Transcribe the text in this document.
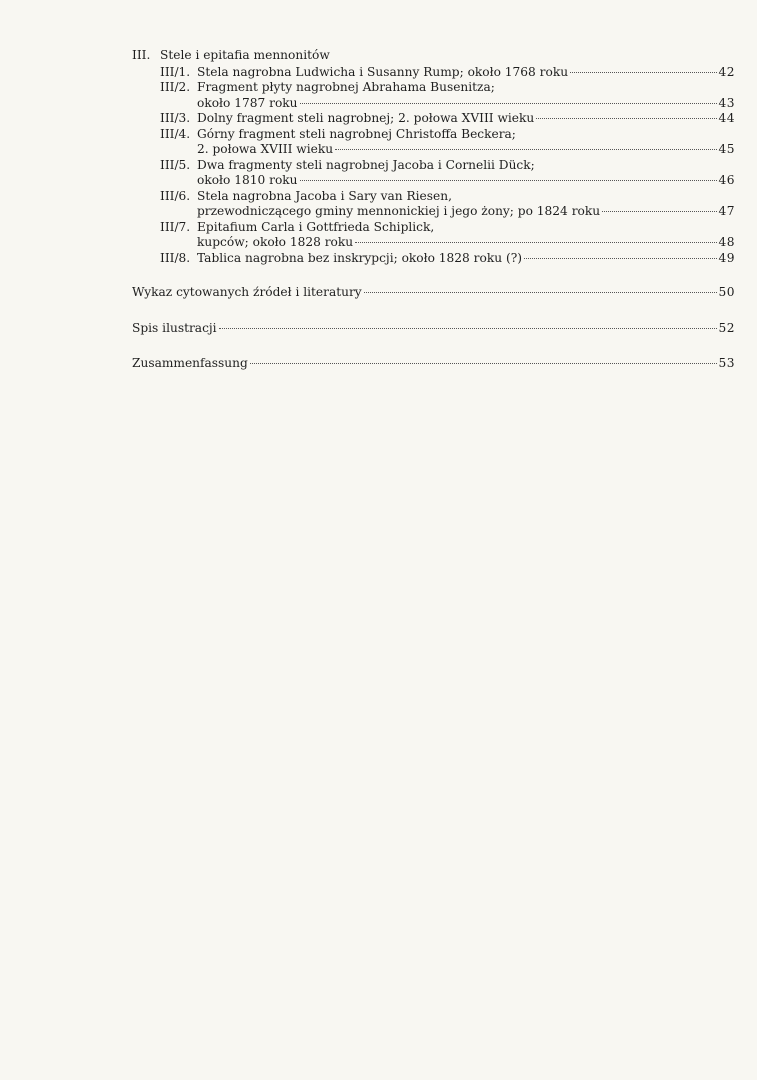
III. Stele i epitafia mennonitów
III/1. Stela nagrobna Ludwicha i Susanny Rump; około 1768 roku	42
III/2. Fragment płyty nagrobnej Abrahama Busenitza;
około 1787 roku	43
III/3. Dolny fragment steli nagrobnej; 2. połowa XVIII wieku	44
III/4. Górny fragment steli nagrobnej Christoffa Beckera;
2. połowa XVIII wieku	45
III/5. Dwa fragmenty steli nagrobnej Jacoba i Cornelii Dück;
około 1810 roku	46
III/6. Stela nagrobna Jacoba i Sary van Riesen,
przewodniczącego gminy mennonickiej i jego żony; po 1824 roku	47
III/7. Epitafium Carla i Gottfrieda Schiplick,
kupców; około 1828 roku	48
III/8. Tablica nagrobna bez inskrypcji; około 1828 roku (?)	49
Wykaz cytowanych źródeł i literatury	50
Spis ilustracji	52
Zusammenfassung	53
